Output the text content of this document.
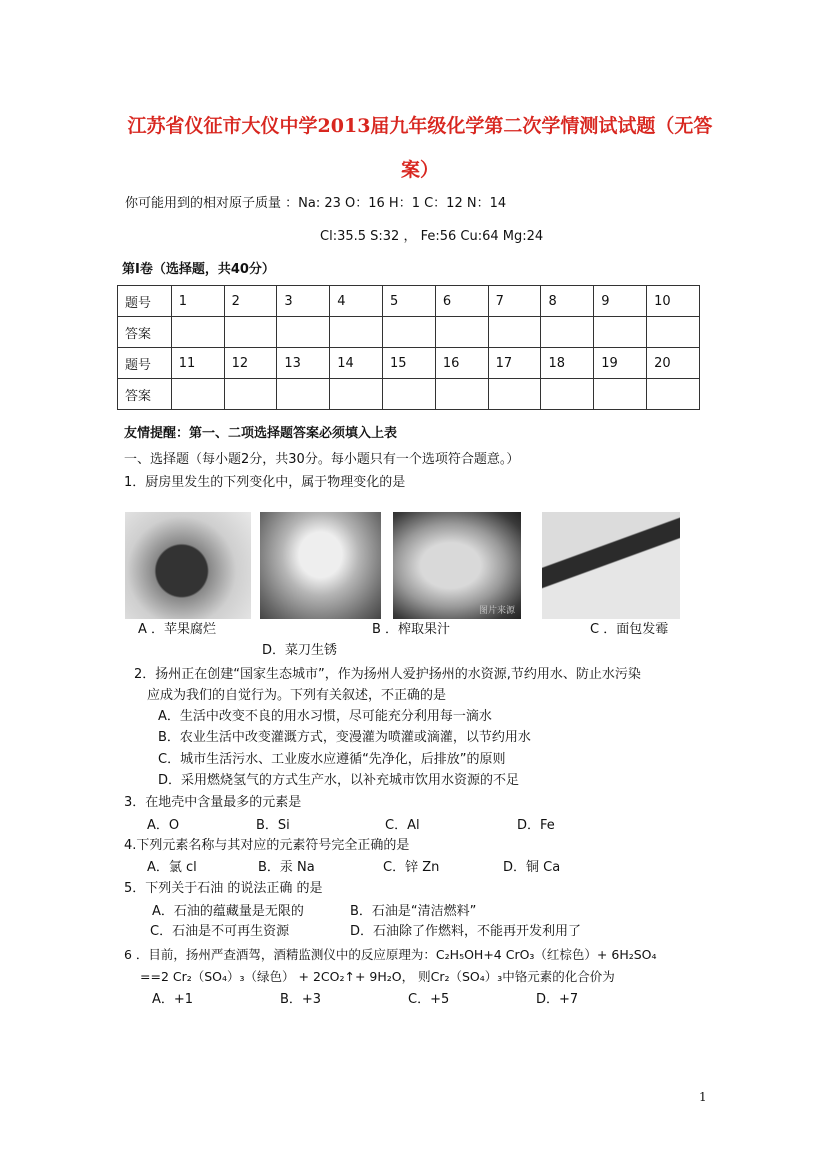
江苏省仪征市大仪中学2013届九年级化学第二次学情测试试题（无答案）
你可能用到的相对原子质量 ：Na: 23 O：16 H：1 C：12 N：14
Cl:35.5 S:32 ， Fe:56 Cu:64 Mg:24
第Ⅰ卷（选择题，共40分）
题号	1	2	3	4	5	6	7	8	9	10
答案										
题号	11	12	13	14	15	16	17	18	19	20
答案										
友情提醒：第一、二项选择题答案必须填入上表
一、选择题（每小题2分，共30分。每小题只有一个选项符合题意。）
1．厨房里发生的下列变化中，属于物理变化的是
图片来源
A ．苹果腐烂	B ．榨取果汁	C ．面包发霉
D．菜刀生锈
2．扬州正在创建“国家生态城市”，作为扬州人爱护扬州的水资源,节约用水、防止水污染
应成为我们的自觉行为。下列有关叙述，不正确的是
A．生活中改变不良的用水习惯，尽可能充分利用每一滴水
B．农业生活中改变灌溉方式，变漫灌为喷灌或滴灌，以节约用水
C．城市生活污水、工业废水应遵循“先净化，后排放”的原则
D．采用燃烧氢气的方式生产水，以补充城市饮用水资源的不足
3．在地壳中含量最多的元素是
A．O	B．Si	C．Al	D．Fe
4.下列元素名称与其对应的元素符号完全正确的是
A．氯 cl	B．汞 Na	C．锌 Zn	D．铜 Ca
5．下列关于石油 的说法正确 的是
A．石油的蕴藏量是无限的	B．石油是“清洁燃料”
C．石油是不可再生资源	D．石油除了作燃料，不能再开发利用了
6 ．目前，扬州严查酒驾，酒精监测仪中的反应原理为：C₂H₅OH+4 CrO₃（红棕色）+ 6H₂SO₄
==2 Cr₂（SO₄）₃（绿色） + 2CO₂↑+ 9H₂O， 则Cr₂（SO₄）₃中铬元素的化合价为
A．+1	B．+3	C．+5	D．+7
1
